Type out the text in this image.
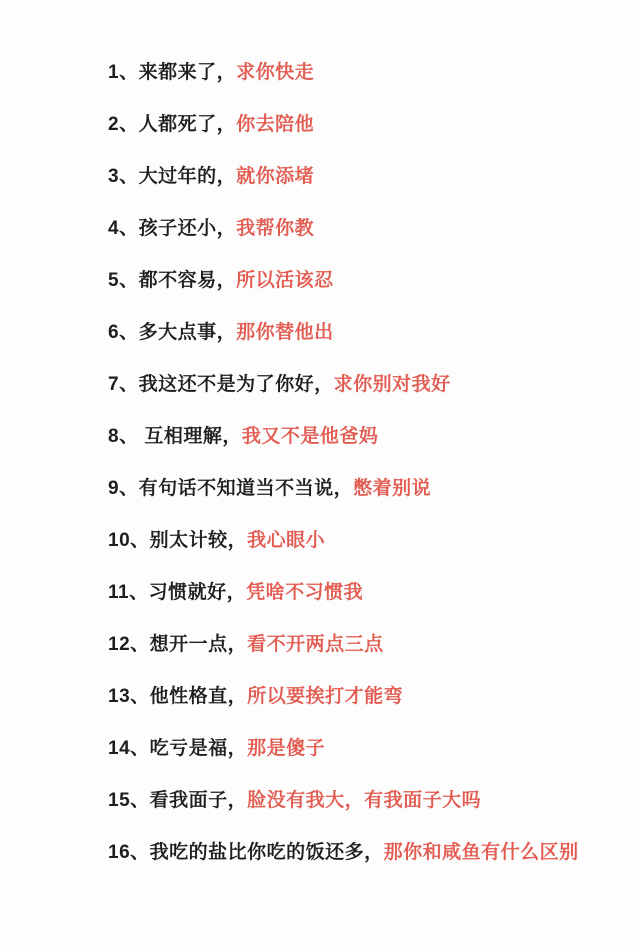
1、来都来了，求你快走
2、人都死了，你去陪他
3、大过年的，就你添堵
4、孩子还小，我帮你教
5、都不容易，所以活该忍
6、多大点事，那你替他出
7、我这还不是为了你好，求你别对我好
8、 互相理解，我又不是他爸妈
9、有句话不知道当不当说，憋着别说
10、别太计较，我心眼小
11、习惯就好，凭啥不习惯我
12、想开一点，看不开两点三点
13、他性格直，所以要挨打才能弯
14、吃亏是福，那是傻子
15、看我面子，脸没有我大，有我面子大吗
16、我吃的盐比你吃的饭还多，那你和咸鱼有什么区别
